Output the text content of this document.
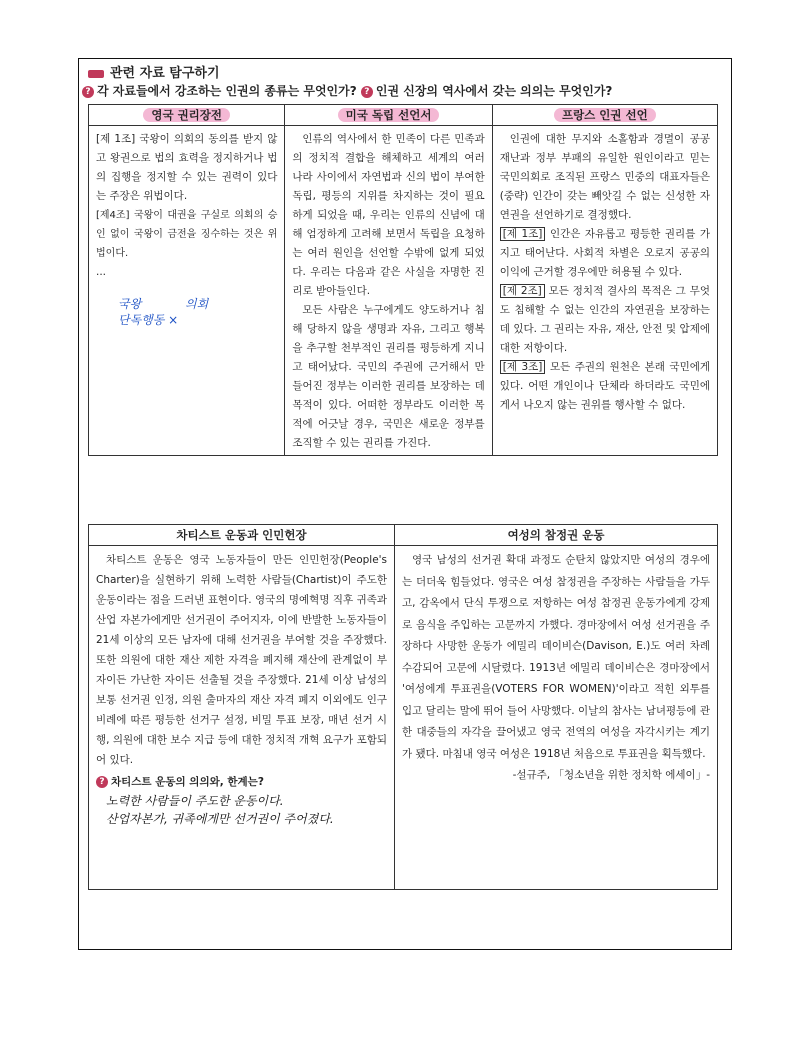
관련 자료 탐구하기
? 각 자료들에서 강조하는 인권의 종류는 무엇인가? ? 인권 신장의 역사에서 갖는 의의는 무엇인가?
영국 권리장전

[제 1조] 국왕이 의회의 동의를 받지 않고 왕권으로 법의 효력을 정지하거나 법의 집행을 정지할 수 있는 권력이 있다는 주장은 위법이다.

[제4조] 국왕이 대권을 구실로 의회의 승인 없이 국왕이 금전을 징수하는 것은 위법이다.

...

국왕	의회
단독행동 ×
미국 독립 선언서

인류의 역사에서 한 민족이 다른 민족과의 정치적 결합을 해체하고 세계의 여러 나라 사이에서 자연법과 신의 법이 부여한 독립, 평등의 지위를 차지하는 것이 필요하게 되었을 때, 우리는 인류의 신념에 대해 엄정하게 고려해 보면서 독립을 요청하는 여러 원인을 선언할 수밖에 없게 되었다. 우리는 다음과 같은 사실을 자명한 진리로 받아들인다.

모든 사람은 누구에게도 양도하거나 침해 당하지 않을 생명과 자유, 그리고 행복을 추구할 천부적인 권리를 평등하게 지니고 태어났다. 국민의 주권에 근거해서 만들어진 정부는 이러한 권리를 보장하는 데 목적이 있다. 어떠한 정부라도 이러한 목적에 어긋날 경우, 국민은 새로운 정부를 조직할 수 있는 권리를 가진다.

프랑스 인권 선언

인권에 대한 무지와 소홀함과 경멸이 공공 재난과 정부 부패의 유일한 원인이라고 믿는 국민의회로 조직된 프랑스 민중의 대표자들은 (중략) 인간이 갖는 빼앗길 수 없는 신성한 자연권을 선언하기로 결정했다.

[제 1조] 인간은 자유롭고 평등한 권리를 가지고 태어난다. 사회적 차별은 오로지 공공의 이익에 근거할 경우에만 허용될 수 있다.

[제 2조] 모든 정치적 결사의 목적은 그 무엇도 침해할 수 없는 인간의 자연권을 보장하는 데 있다. 그 권리는 자유, 재산, 안전 및 압제에 대한 저항이다.

[제 3조] 모든 주권의 원천은 본래 국민에게 있다. 어떤 개인이나 단체라 하더라도 국민에게서 나오지 않는 권위를 행사할 수 없다.

차티스트 운동과 인민헌장

차티스트 운동은 영국 노동자들이 만든 인민헌장(People's Charter)을 실현하기 위해 노력한 사람들(Chartist)이 주도한 운동이라는 점을 드러낸 표현이다. 영국의 명예혁명 직후 귀족과 산업 자본가에게만 선거권이 주어지자, 이에 반발한 노동자들이 21세 이상의 모든 남자에 대해 선거권을 부여할 것을 주장했다. 또한 의원에 대한 재산 제한 자격을 폐지해 재산에 관계없이 부자이든 가난한 자이든 선출될 것을 주장했다. 21세 이상 남성의 보통 선거권 인정, 의원 출마자의 재산 자격 폐지 이외에도 인구 비례에 따른 평등한 선거구 설정, 비밀 투표 보장, 매년 선거 시행, 의원에 대한 보수 지급 등에 대한 정치적 개혁 요구가 포함되어 있다.

? 차티스트 운동의 의의와, 한계는?

노력한 사람들이 주도한 운동이다.

산업자본가, 귀족에게만 선거권이 주어졌다.

여성의 참정권 운동

영국 남성의 선거권 확대 과정도 순탄치 않았지만 여성의 경우에는 더더욱 힘들었다. 영국은 여성 참정권을 주장하는 사람들을 가두고, 감옥에서 단식 투쟁으로 저항하는 여성 참정권 운동가에게 강제로 음식을 주입하는 고문까지 가했다. 경마장에서 여성 선거권을 주장하다 사망한 운동가 에밀리 데이비슨(Davison, E.)도 여러 차례 수감되어 고문에 시달렸다. 1913년 에밀리 데이비슨은 경마장에서 '여성에게 투표권을(VOTERS FOR WOMEN)'이라고 적힌 외투를 입고 달리는 말에 뛰어 들어 사망했다. 이날의 참사는 남녀평등에 관한 대중들의 자각을 끌어냈고 영국 전역의 여성을 자각시키는 계기가 됐다. 마침내 영국 여성은 1918년 처음으로 투표권을 획득했다.

-설규주, 「청소년을 위한 정치학 에세이」-
